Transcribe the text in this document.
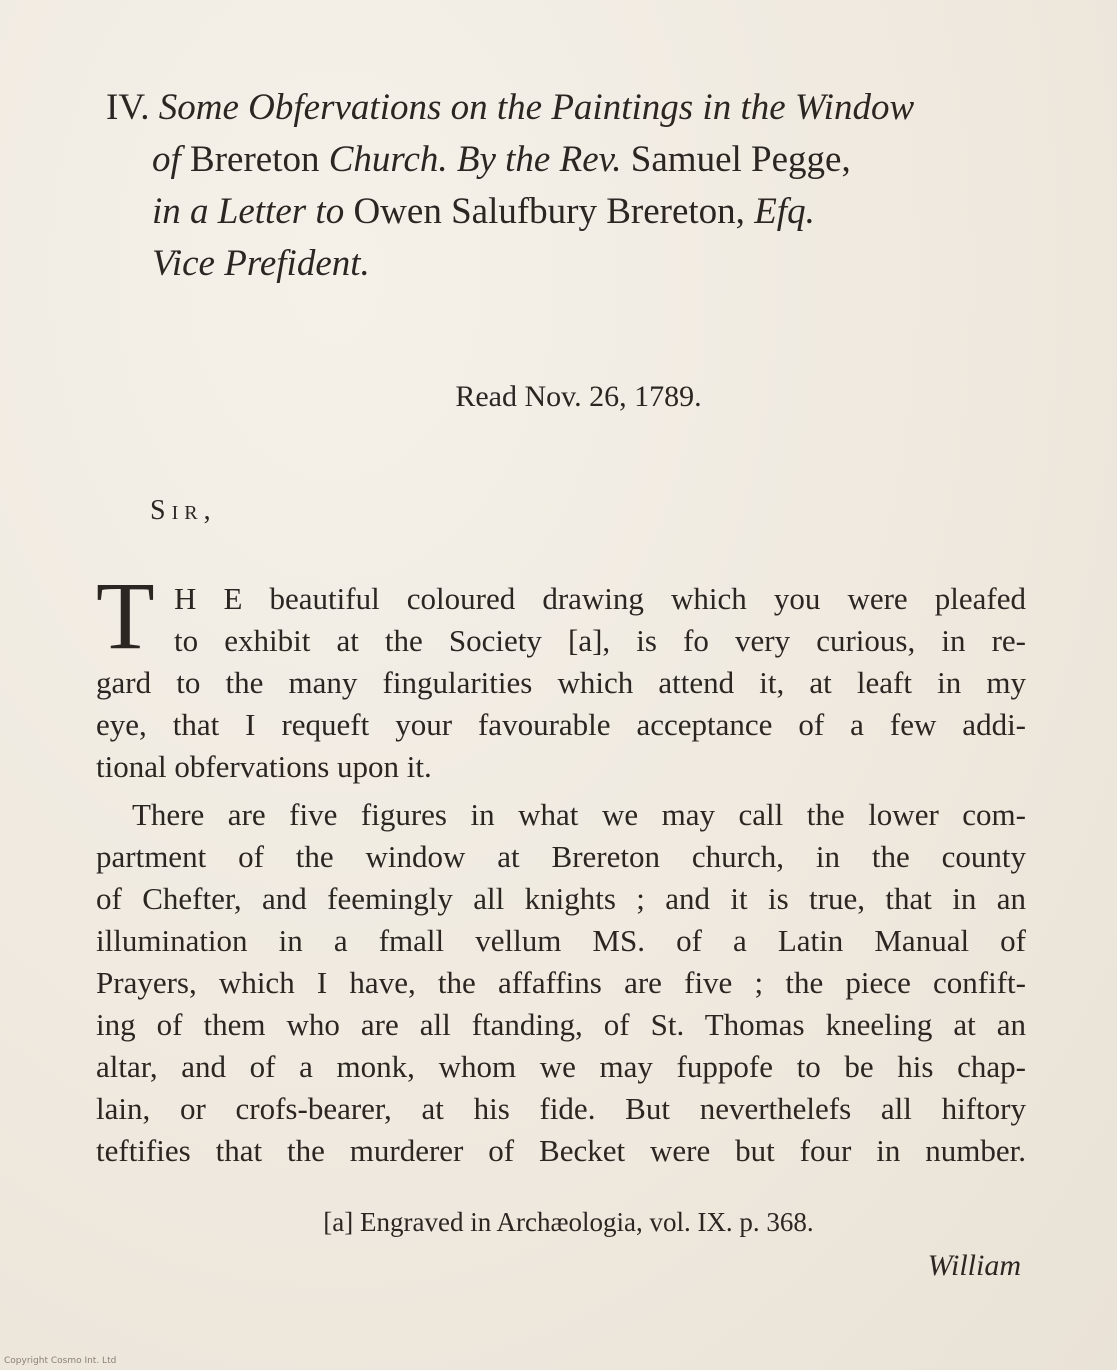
IV. Some Obfervations on the Paintings in the Window
of Brereton Church. By the Rev. Samuel Pegge,
in a Letter to Owen Salufbury Brereton, Efq.
Vice Prefident.
Read Nov. 26, 1789.
Sir,
T H E beautiful coloured drawing which you were pleafed
to exhibit at the Society [a], is fo very curious, in re-
gard to the many fingularities which attend it, at leaft in my
eye, that I requeft your favourable acceptance of a few addi-
tional obfervations upon it.
There are five figures in what we may call the lower com-
partment of the window at Brereton church, in the county
of Chefter, and feemingly all knights ; and it is true, that in an
illumination in a fmall vellum MS. of a Latin Manual of
Prayers, which I have, the affaffins are five ; the piece confift-
ing of them who are all ftanding, of St. Thomas kneeling at an
altar, and of a monk, whom we may fuppofe to be his chap-
lain, or crofs-bearer, at his fide. But neverthelefs all hiftory
teftifies that the murderer of Becket were but four in number.
[a] Engraved in Archæologia, vol. IX. p. 368.
William
Copyright Cosmo Int. Ltd
